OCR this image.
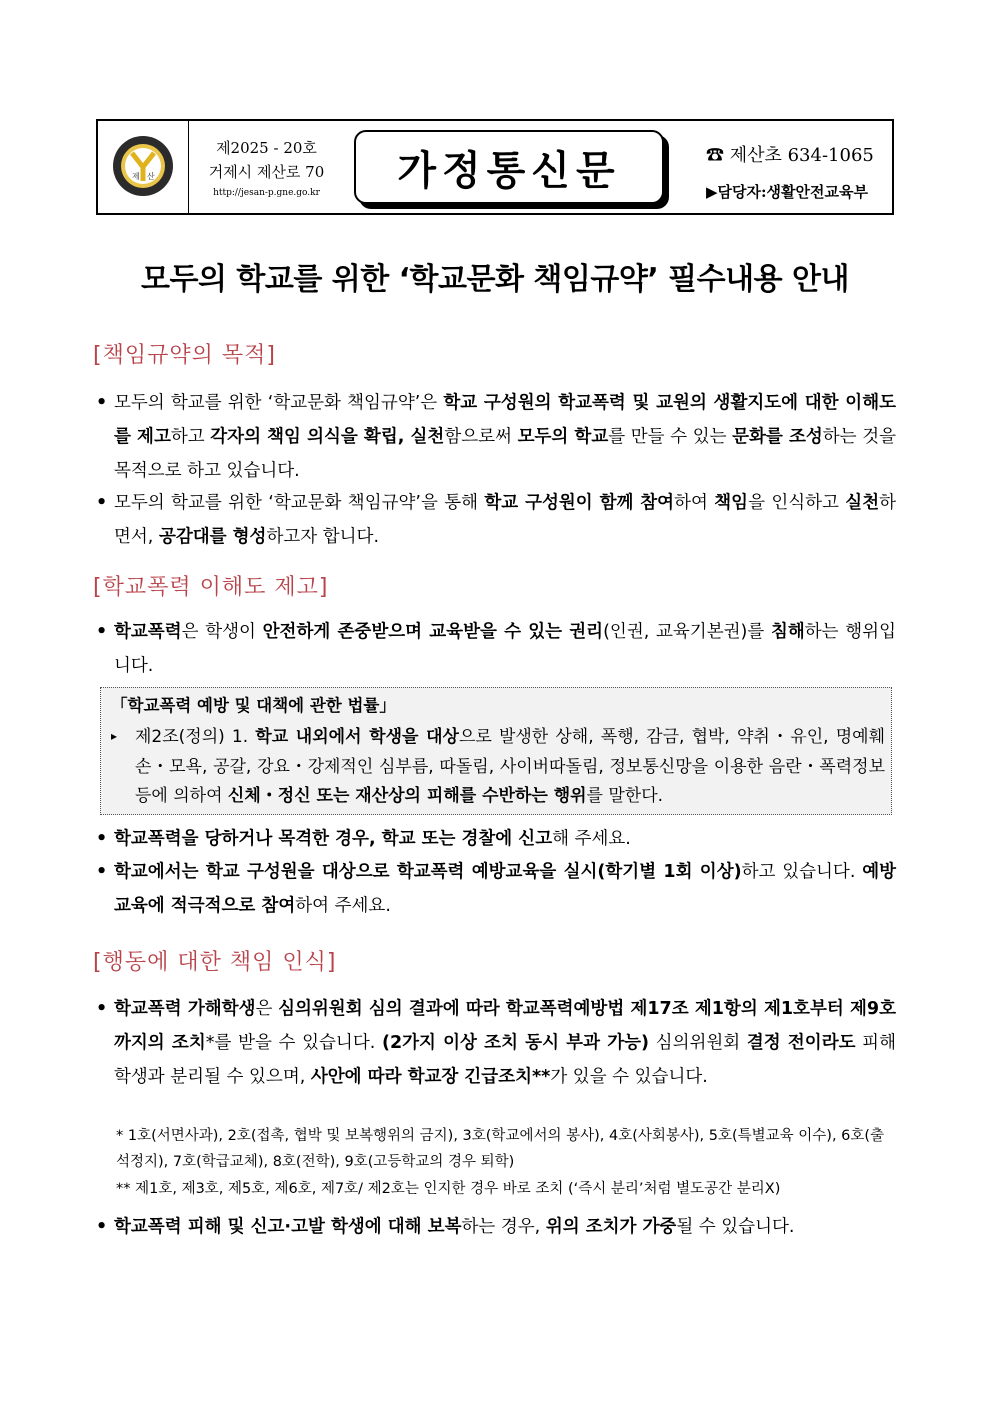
제 산
제2025 - 20호
거제시 제산로 70
http://jesan-p.gne.go.kr	가정통신문	☎ 제산초 634-1065
▶담당자:생활안전교육부
모두의 학교를 위한 ‘학교문화 책임규약’ 필수내용 안내
[책임규약의 목적]
• 모두의 학교를 위한 ‘학교문화 책임규약’은 학교 구성원의 학교폭력 및 교원의 생활지도에 대한 이해도를 제고하고 각자의 책임 의식을 확립, 실천함으로써 모두의 학교를 만들 수 있는 문화를 조성하는 것을 목적으로 하고 있습니다.
• 모두의 학교를 위한 ‘학교문화 책임규약’을 통해 학교 구성원이 함께 참여하여 책임을 인식하고 실천하면서, 공감대를 형성하고자 합니다.
[학교폭력 이해도 제고]
• 학교폭력은 학생이 안전하게 존중받으며 교육받을 수 있는 권리(인권, 교육기본권)를 침해하는 행위입니다.
「학교폭력 예방 및 대책에 관한 법률」
▸ 제2조(정의) 1. 학교 내외에서 학생을 대상으로 발생한 상해, 폭행, 감금, 협박, 약취・유인, 명예훼손・모욕, 공갈, 강요・강제적인 심부름, 따돌림, 사이버따돌림, 정보통신망을 이용한 음란・폭력정보 등에 의하여 신체・정신 또는 재산상의 피해를 수반하는 행위를 말한다.
• 학교폭력을 당하거나 목격한 경우, 학교 또는 경찰에 신고해 주세요.
• 학교에서는 학교 구성원을 대상으로 학교폭력 예방교육을 실시(학기별 1회 이상)하고 있습니다. 예방교육에 적극적으로 참여하여 주세요.
[행동에 대한 책임 인식]
• 학교폭력 가해학생은 심의위원회 심의 결과에 따라 학교폭력예방법 제17조 제1항의 제1호부터 제9호까지의 조치*를 받을 수 있습니다. (2가지 이상 조치 동시 부과 가능) 심의위원회 결정 전이라도 피해학생과 분리될 수 있으며, 사안에 따라 학교장 긴급조치**가 있을 수 있습니다.
* 1호(서면사과), 2호(접촉, 협박 및 보복행위의 금지), 3호(학교에서의 봉사), 4호(사회봉사), 5호(특별교육 이수), 6호(출석정지), 7호(학급교체), 8호(전학), 9호(고등학교의 경우 퇴학)
** 제1호, 제3호, 제5호, 제6호, 제7호/ 제2호는 인지한 경우 바로 조치 (‘즉시 분리’처럼 별도공간 분리X)
• 학교폭력 피해 및 신고·고발 학생에 대해 보복하는 경우, 위의 조치가 가중될 수 있습니다.
